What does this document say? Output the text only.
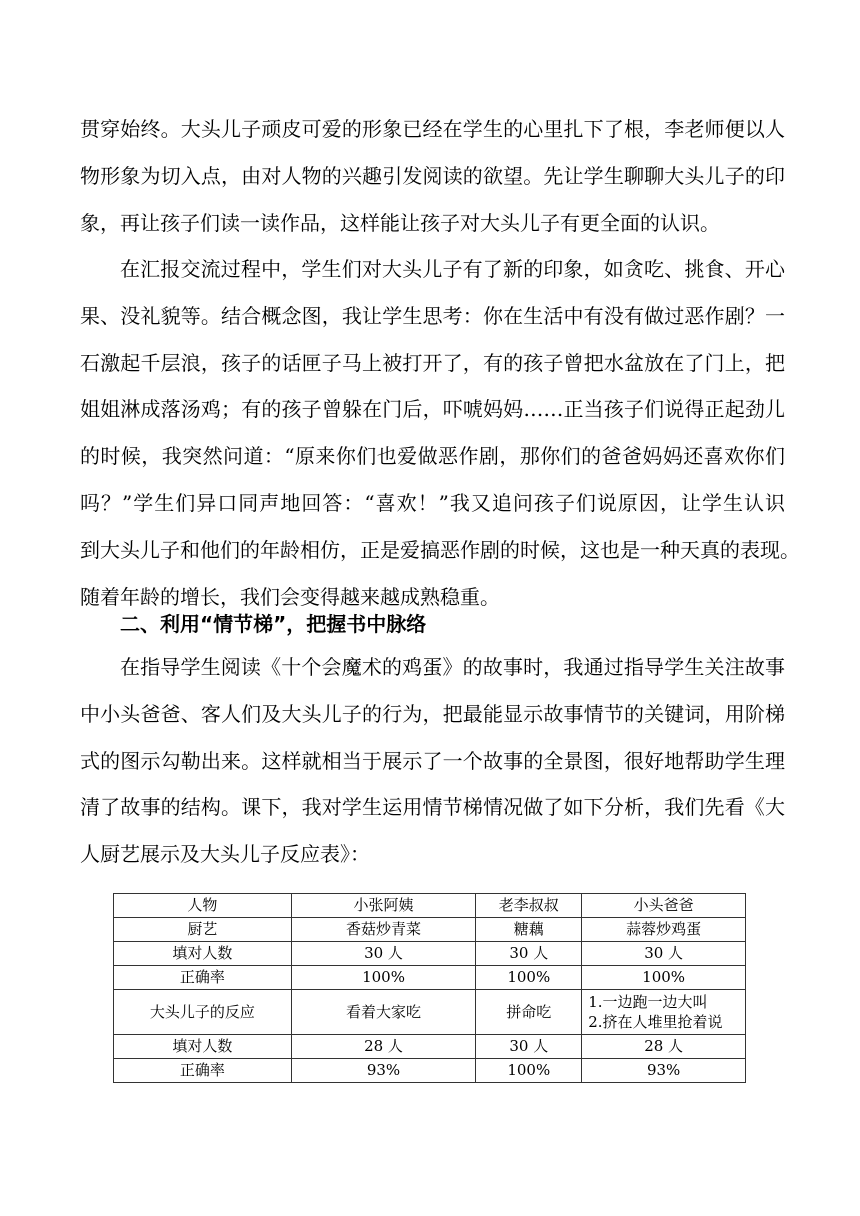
贯穿始终。大头儿子顽皮可爱的形象已经在学生的心里扎下了根，李老师便以人
物形象为切入点，由对人物的兴趣引发阅读的欲望。先让学生聊聊大头儿子的印
象，再让孩子们读一读作品，这样能让孩子对大头儿子有更全面的认识。
在汇报交流过程中，学生们对大头儿子有了新的印象，如贪吃、挑食、开心
果、没礼貌等。结合概念图，我让学生思考：你在生活中有没有做过恶作剧？一
石激起千层浪，孩子的话匣子马上被打开了，有的孩子曾把水盆放在了门上，把
姐姐淋成落汤鸡；有的孩子曾躲在门后，吓唬妈妈……正当孩子们说得正起劲儿
的时候，我突然问道：“原来你们也爱做恶作剧，那你们的爸爸妈妈还喜欢你们
吗？”学生们异口同声地回答：“喜欢！”我又追问孩子们说原因，让学生认识
到大头儿子和他们的年龄相仿，正是爱搞恶作剧的时候，这也是一种天真的表现。
随着年龄的增长，我们会变得越来越成熟稳重。
二、利用“情节梯”，把握书中脉络
在指导学生阅读《十个会魔术的鸡蛋》的故事时，我通过指导学生关注故事
中小头爸爸、客人们及大头儿子的行为，把最能显示故事情节的关键词，用阶梯
式的图示勾勒出来。这样就相当于展示了一个故事的全景图，很好地帮助学生理
清了故事的结构。课下，我对学生运用情节梯情况做了如下分析，我们先看《大
人厨艺展示及大头儿子反应表》：
人物	小张阿姨	老李叔叔	小头爸爸
厨艺	香菇炒青菜	糖藕	蒜蓉炒鸡蛋
填对人数	30 人	30 人	30 人
正确率	100%	100%	100%
大头儿子的反应	看着大家吃	拼命吃	1.一边跑一边大叫
2.挤在人堆里抢着说

填对人数	28 人	30 人	28 人
正确率	93%	100%	93%
